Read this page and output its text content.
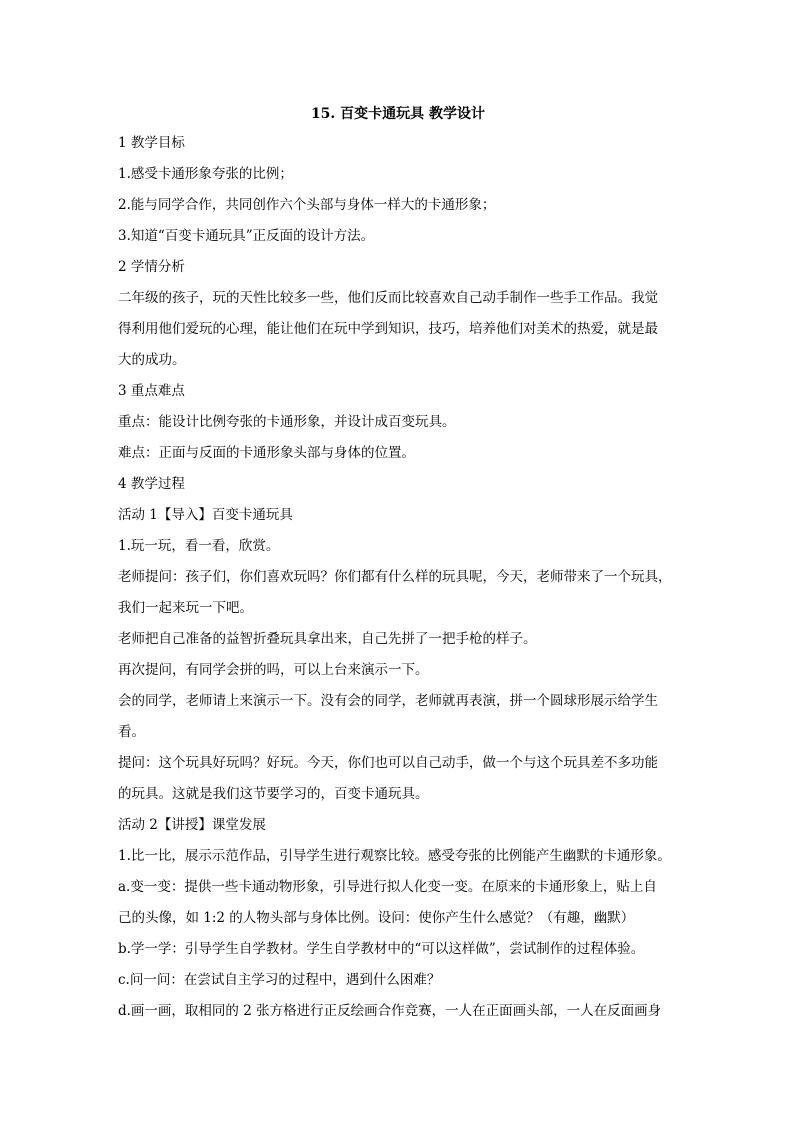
15. 百变卡通玩具 教学设计

1 教学目标

1.感受卡通形象夸张的比例；

2.能与同学合作，共同创作六个头部与身体一样大的卡通形象；

3.知道“百变卡通玩具”正反面的设计方法。

2 学情分析

二年级的孩子，玩的天性比较多一些，他们反而比较喜欢自己动手制作一些手工作品。我觉
得利用他们爱玩的心理，能让他们在玩中学到知识，技巧，培养他们对美术的热爱，就是最
大的成功。

3 重点难点

重点：能设计比例夸张的卡通形象，并设计成百变玩具。

难点：正面与反面的卡通形象头部与身体的位置。

4 教学过程

活动 1【导入】百变卡通玩具

1.玩一玩，看一看，欣赏。

老师提问：孩子们，你们喜欢玩吗？你们都有什么样的玩具呢，今天，老师带来了一个玩具，
我们一起来玩一下吧。

老师把自己准备的益智折叠玩具拿出来，自己先拼了一把手枪的样子。

再次提问，有同学会拼的吗，可以上台来演示一下。

会的同学，老师请上来演示一下。没有会的同学，老师就再表演，拼一个圆球形展示给学生
看。

提问：这个玩具好玩吗？好玩。今天，你们也可以自己动手，做一个与这个玩具差不多功能
的玩具。这就是我们这节要学习的，百变卡通玩具。

活动 2【讲授】课堂发展

1.比一比，展示示范作品，引导学生进行观察比较。感受夸张的比例能产生幽默的卡通形象。

a.变一变：提供一些卡通动物形象，引导进行拟人化变一变。在原来的卡通形象上，贴上自
己的头像，如 1:2 的人物头部与身体比例。设问：使你产生什么感觉？（有趣，幽默）

b.学一学：引导学生自学教材。学生自学教材中的“可以这样做”，尝试制作的过程体验。

c.问一问：在尝试自主学习的过程中，遇到什么困难？

d.画一画，取相同的 2 张方格进行正反绘画合作竞赛，一人在正面画头部，一人在反面画身
